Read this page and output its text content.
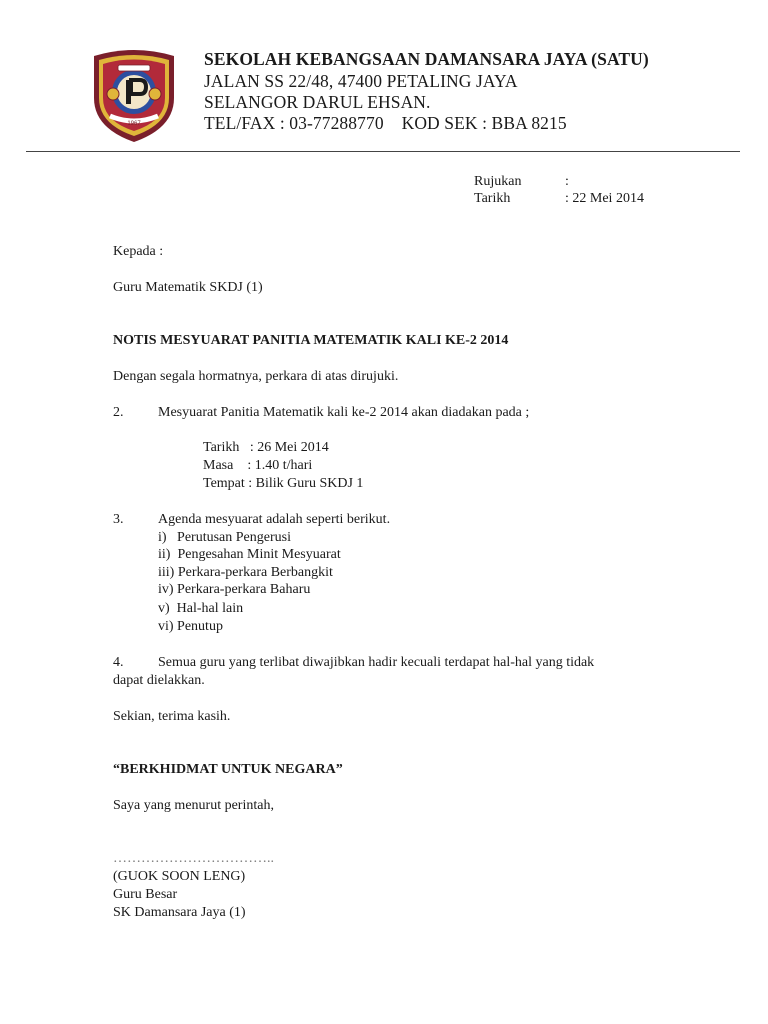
1967
SEKOLAH KEBANGSAAN DAMANSARA JAYA (SATU)
JALAN SS 22/48, 47400 PETALING JAYA
SELANGOR DARUL EHSAN.
TEL/FAX : 03-77288770    KOD SEK : BBA 8215
Rujukan	:
Tarikh	: 22 Mei 2014
Kepada :
Guru Matematik SKDJ (1)
NOTIS MESYUARAT PANITIA MATEMATIK KALI KE-2 2014
Dengan segala hormatnya, perkara di atas dirujuki.
2. Mesyuarat Panitia Matematik kali ke-2 2014 akan diadakan pada ;
Tarikh   : 26 Mei 2014
Masa    : 1.40 t/hari
Tempat : Bilik Guru SKDJ 1
3. Agenda mesyuarat adalah seperti berikut.
i)   Perutusan Pengerusi
ii)  Pengesahan Minit Mesyuarat
iii) Perkara-perkara Berbangkit
iv) Perkara-perkara Baharu
v)  Hal-hal lain
vi) Penutup
4. Semua guru yang terlibat diwajibkan hadir kecuali terdapat hal-hal yang tidak
dapat dielakkan.
Sekian, terima kasih.
“BERKHIDMAT UNTUK NEGARA”
Saya yang menurut perintah,
……………………………..
(GUOK SOON LENG)
Guru Besar
SK Damansara Jaya (1)
